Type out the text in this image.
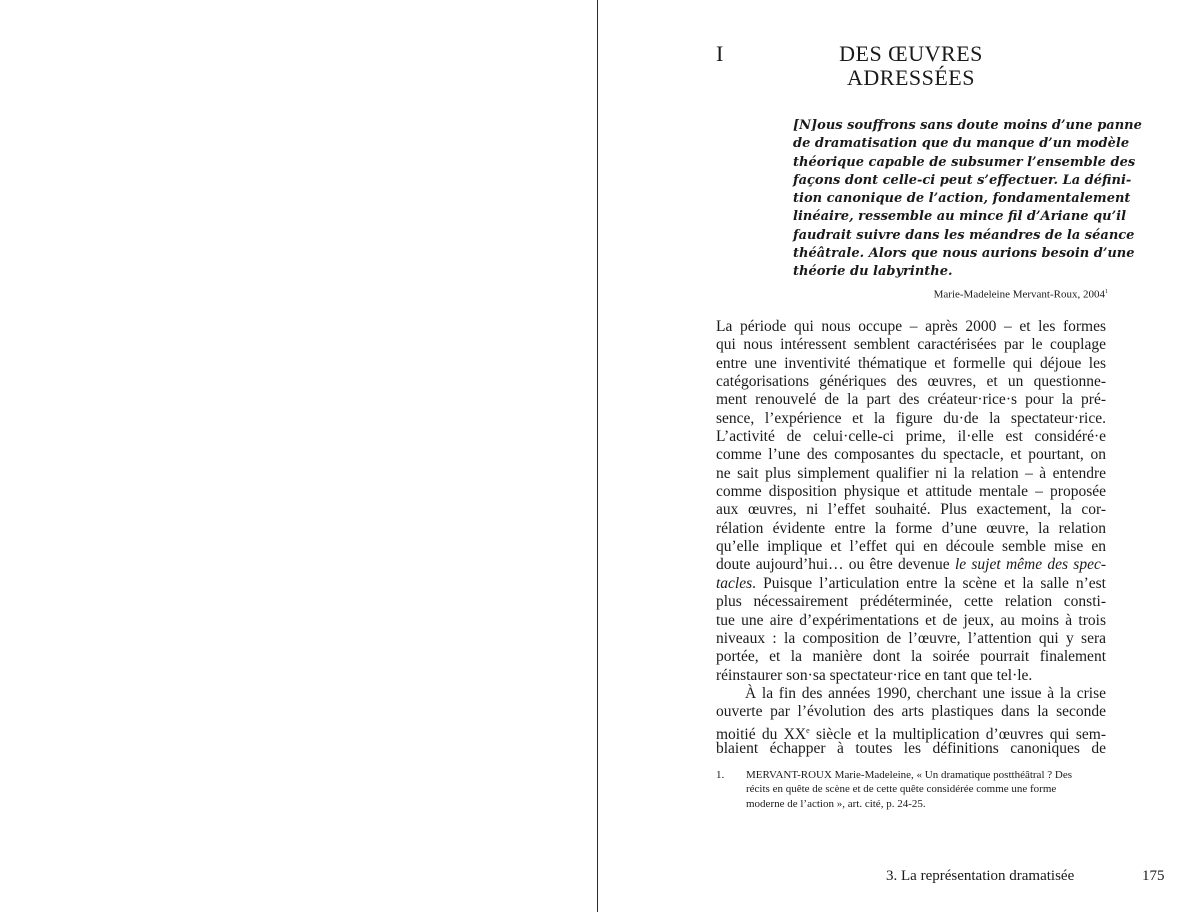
I	DES ŒUVRES
ADRESSÉES
[N]ous souffrons sans doute moins d’une panne
de dramatisation que du manque d’un modèle
théorique capable de subsumer l’ensemble des
façons dont celle-ci peut s’effectuer. La défini-
tion canonique de l’action, fondamentalement
linéaire, ressemble au mince fil d’Ariane qu’il
faudrait suivre dans les méandres de la séance
théâtrale. Alors que nous aurions besoin d’une
théorie du labyrinthe.
Marie-Madeleine Mervant-Roux, 2004$^1$
La période qui nous occupe – après 2000 – et les formes
qui nous intéressent semblent caractérisées par le couplage
entre une inventivité thématique et formelle qui déjoue les
catégorisations génériques des œuvres, et un questionne-
ment renouvelé de la part des créateur·rice·s pour la pré-
sence, l’expérience et la figure du·de la spectateur·rice.
L’activité de celui·celle-ci prime, il·elle est considéré·e
comme l’une des composantes du spectacle, et pourtant, on
ne sait plus simplement qualifier ni la relation – à entendre
comme disposition physique et attitude mentale – proposée
aux œuvres, ni l’effet souhaité. Plus exactement, la cor-
rélation évidente entre la forme d’une œuvre, la relation
qu’elle implique et l’effet qui en découle semble mise en
doute aujourd’hui… ou être devenue le sujet même des spec-
tacles. Puisque l’articulation entre la scène et la salle n’est
plus nécessairement prédéterminée, cette relation consti-
tue une aire d’expérimentations et de jeux, au moins à trois
niveaux : la composition de l’œuvre, l’attention qui y sera
portée, et la manière dont la soirée pourrait finalement
réinstaurer son·sa spectateur·rice en tant que tel·le.
À la fin des années 1990, cherchant une issue à la crise
ouverte par l’évolution des arts plastiques dans la seconde
moitié du XXe siècle et la multiplication d’œuvres qui sem-
blaient échapper à toutes les définitions canoniques de
1. MERVANT-ROUX Marie-Madeleine, « Un dramatique postthéâtral ? Des
récits en quête de scène et de cette quête considérée comme une forme
moderne de l’action », art. cité, p. 24-25.
3. La représentation dramatisée	175
